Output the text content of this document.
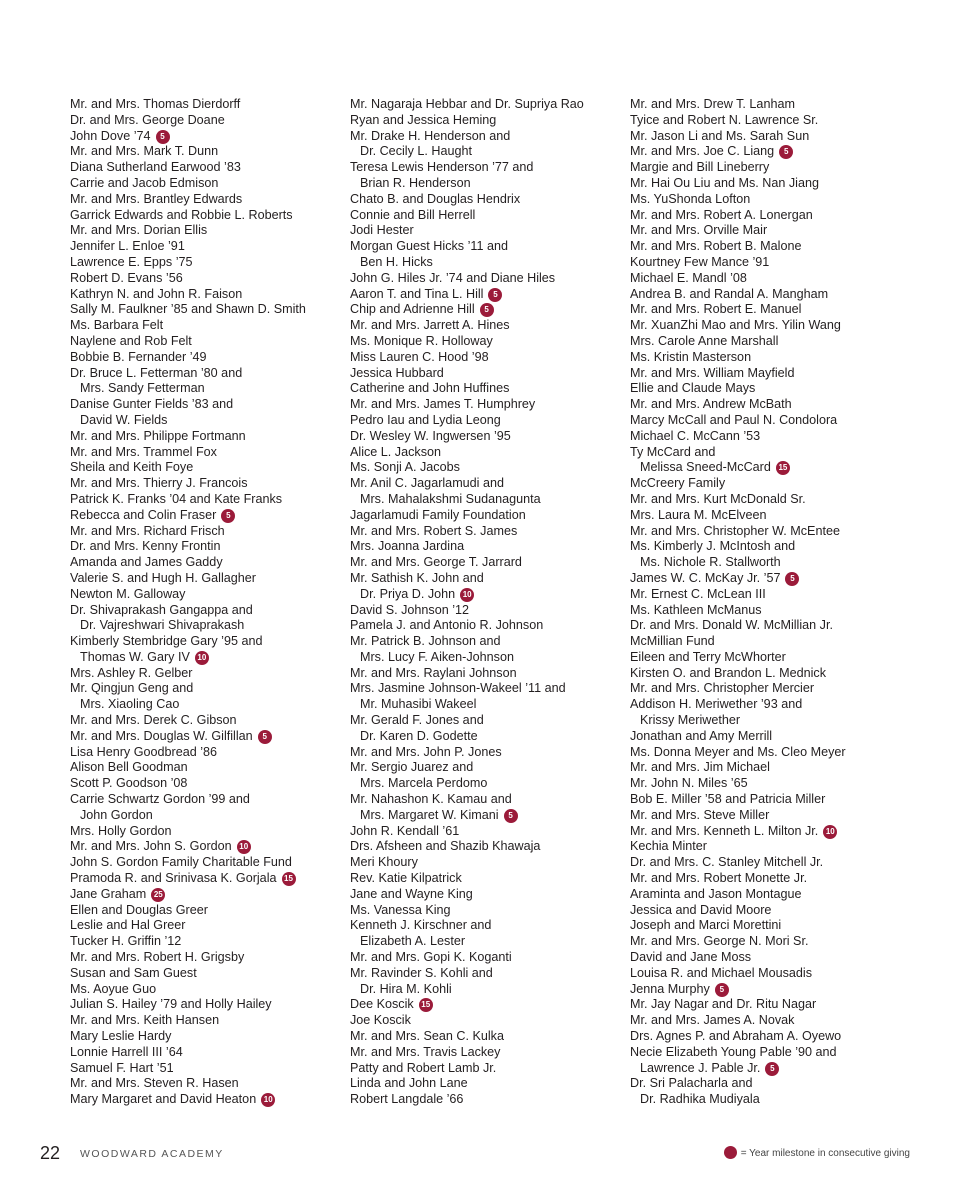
Mr. and Mrs. Thomas Dierdorff
Dr. and Mrs. George Doane
John Dove ’74 5
Mr. and Mrs. Mark T. Dunn
Diana Sutherland Earwood ’83
Carrie and Jacob Edmison
Mr. and Mrs. Brantley Edwards
Garrick Edwards and Robbie L. Roberts
Mr. and Mrs. Dorian Ellis
Jennifer L. Enloe ’91
Lawrence E. Epps ’75
Robert D. Evans ’56
Kathryn N. and John R. Faison
Sally M. Faulkner ’85 and Shawn D. Smith
Ms. Barbara Felt
Naylene and Rob Felt
Bobbie B. Fernander ’49
Dr. Bruce L. Fetterman ’80 and
Mrs. Sandy Fetterman
Danise Gunter Fields ’83 and
David W. Fields
Mr. and Mrs. Philippe Fortmann
Mr. and Mrs. Trammel Fox
Sheila and Keith Foye
Mr. and Mrs. Thierry J. Francois
Patrick K. Franks ’04 and Kate Franks
Rebecca and Colin Fraser 5
Mr. and Mrs. Richard Frisch
Dr. and Mrs. Kenny Frontin
Amanda and James Gaddy
Valerie S. and Hugh H. Gallagher
Newton M. Galloway
Dr. Shivaprakash Gangappa and
Dr. Vajreshwari Shivaprakash
Kimberly Stembridge Gary ’95 and
Thomas W. Gary IV 10
Mrs. Ashley R. Gelber
Mr. Qingjun Geng and
Mrs. Xiaoling Cao
Mr. and Mrs. Derek C. Gibson
Mr. and Mrs. Douglas W. Gilfillan 5
Lisa Henry Goodbread ’86
Alison Bell Goodman
Scott P. Goodson ’08
Carrie Schwartz Gordon ’99 and
John Gordon
Mrs. Holly Gordon
Mr. and Mrs. John S. Gordon 10
John S. Gordon Family Charitable Fund
Pramoda R. and Srinivasa K. Gorjala 15
Jane Graham 25
Ellen and Douglas Greer
Leslie and Hal Greer
Tucker H. Griffin ’12
Mr. and Mrs. Robert H. Grigsby
Susan and Sam Guest
Ms. Aoyue Guo
Julian S. Hailey ’79 and Holly Hailey
Mr. and Mrs. Keith Hansen
Mary Leslie Hardy
Lonnie Harrell III ’64
Samuel F. Hart ’51
Mr. and Mrs. Steven R. Hasen
Mary Margaret and David Heaton 10
Mr. Nagaraja Hebbar and Dr. Supriya Rao
Ryan and Jessica Heming
Mr. Drake H. Henderson and
Dr. Cecily L. Haught
Teresa Lewis Henderson ’77 and
Brian R. Henderson
Chato B. and Douglas Hendrix
Connie and Bill Herrell
Jodi Hester
Morgan Guest Hicks ’11 and
Ben H. Hicks
John G. Hiles Jr. ’74 and Diane Hiles
Aaron T. and Tina L. Hill 5
Chip and Adrienne Hill 5
Mr. and Mrs. Jarrett A. Hines
Ms. Monique R. Holloway
Miss Lauren C. Hood ’98
Jessica Hubbard
Catherine and John Huffines
Mr. and Mrs. James T. Humphrey
Pedro Iau and Lydia Leong
Dr. Wesley W. Ingwersen ’95
Alice L. Jackson
Ms. Sonji A. Jacobs
Mr. Anil C. Jagarlamudi and
Mrs. Mahalakshmi Sudanagunta
Jagarlamudi Family Foundation
Mr. and Mrs. Robert S. James
Mrs. Joanna Jardina
Mr. and Mrs. George T. Jarrard
Mr. Sathish K. John and
Dr. Priya D. John 10
David S. Johnson ’12
Pamela J. and Antonio R. Johnson
Mr. Patrick B. Johnson and
Mrs. Lucy F. Aiken-Johnson
Mr. and Mrs. Raylani Johnson
Mrs. Jasmine Johnson-Wakeel ’11 and
Mr. Muhasibi Wakeel
Mr. Gerald F. Jones and
Dr. Karen D. Godette
Mr. and Mrs. John P. Jones
Mr. Sergio Juarez and
Mrs. Marcela Perdomo
Mr. Nahashon K. Kamau and
Mrs. Margaret W. Kimani 5
John R. Kendall ’61
Drs. Afsheen and Shazib Khawaja
Meri Khoury
Rev. Katie Kilpatrick
Jane and Wayne King
Ms. Vanessa King
Kenneth J. Kirschner and
Elizabeth A. Lester
Mr. and Mrs. Gopi K. Koganti
Mr. Ravinder S. Kohli and
Dr. Hira M. Kohli
Dee Koscik 15
Joe Koscik
Mr. and Mrs. Sean C. Kulka
Mr. and Mrs. Travis Lackey
Patty and Robert Lamb Jr.
Linda and John Lane
Robert Langdale ’66
Mr. and Mrs. Drew T. Lanham
Tyice and Robert N. Lawrence Sr.
Mr. Jason Li and Ms. Sarah Sun
Mr. and Mrs. Joe C. Liang 5
Margie and Bill Lineberry
Mr. Hai Ou Liu and Ms. Nan Jiang
Ms. YuShonda Lofton
Mr. and Mrs. Robert A. Lonergan
Mr. and Mrs. Orville Mair
Mr. and Mrs. Robert B. Malone
Kourtney Few Mance ’91
Michael E. Mandl ’08
Andrea B. and Randal A. Mangham
Mr. and Mrs. Robert E. Manuel
Mr. XuanZhi Mao and Mrs. Yilin Wang
Mrs. Carole Anne Marshall
Ms. Kristin Masterson
Mr. and Mrs. William Mayfield
Ellie and Claude Mays
Mr. and Mrs. Andrew McBath
Marcy McCall and Paul N. Condolora
Michael C. McCann ’53
Ty McCard and
Melissa Sneed-McCard 15
McCreery Family
Mr. and Mrs. Kurt McDonald Sr.
Mrs. Laura M. McElveen
Mr. and Mrs. Christopher W. McEntee
Ms. Kimberly J. McIntosh and
Ms. Nichole R. Stallworth
James W. C. McKay Jr. ’57 5
Mr. Ernest C. McLean III
Ms. Kathleen McManus
Dr. and Mrs. Donald W. McMillian Jr.
McMillian Fund
Eileen and Terry McWhorter
Kirsten O. and Brandon L. Mednick
Mr. and Mrs. Christopher Mercier
Addison H. Meriwether ’93 and
Krissy Meriwether
Jonathan and Amy Merrill
Ms. Donna Meyer and Ms. Cleo Meyer
Mr. and Mrs. Jim Michael
Mr. John N. Miles ’65
Bob E. Miller ’58 and Patricia Miller
Mr. and Mrs. Steve Miller
Mr. and Mrs. Kenneth L. Milton Jr. 10
Kechia Minter
Dr. and Mrs. C. Stanley Mitchell Jr.
Mr. and Mrs. Robert Monette Jr.
Araminta and Jason Montague
Jessica and David Moore
Joseph and Marci Morettini
Mr. and Mrs. George N. Mori Sr.
David and Jane Moss
Louisa R. and Michael Mousadis
Jenna Murphy 5
Mr. Jay Nagar and Dr. Ritu Nagar
Mr. and Mrs. James A. Novak
Drs. Agnes P. and Abraham A. Oyewo
Necie Elizabeth Young Pable ’90 and
Lawrence J. Pable Jr. 5
Dr. Sri Palacharla and
Dr. Radhika Mudiyala
22 WOODWARD ACADEMY	= Year milestone in consecutive giving
